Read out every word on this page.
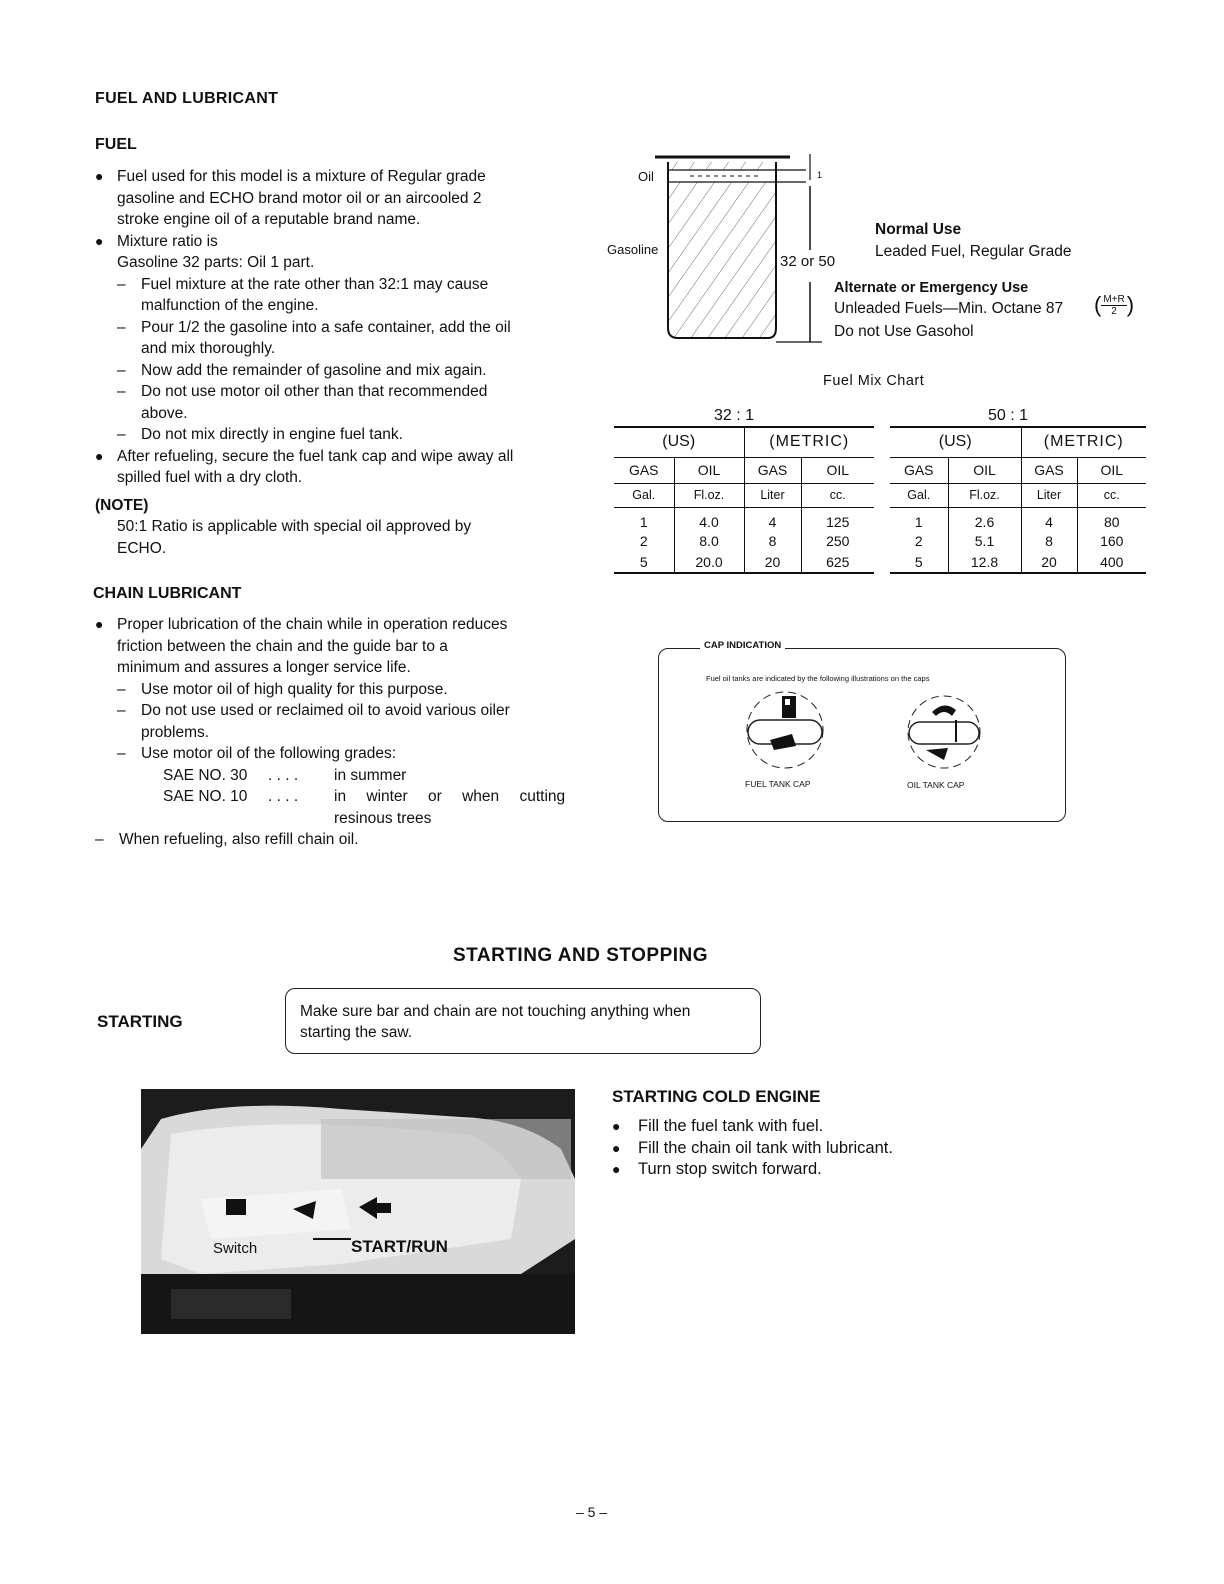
FUEL AND LUBRICANT
FUEL
● Fuel used for this model is a mixture of Regular grade
gasoline and ECHO brand motor oil or an aircooled 2
stroke engine oil of a reputable brand name.
● Mixture ratio is
Gasoline 32 parts: Oil 1 part.
– Fuel mixture at the rate other than 32:1 may cause
malfunction of the engine.
– Pour 1/2 the gasoline into a safe container, add the oil
and mix thoroughly.
– Now add the remainder of gasoline and mix again.
– Do not use motor oil other than that recommended
above.
– Do not mix directly in engine fuel tank.
● After refueling, secure the fuel tank cap and wipe away all
spilled fuel with a dry cloth.
(NOTE)
50:1 Ratio is applicable with special oil approved by
ECHO.
CHAIN LUBRICANT
● Proper lubrication of the chain while in operation reduces
friction between the chain and the guide bar to a
minimum and assures a longer service life.
– Use motor oil of high quality for this purpose.
– Do not use used or reclaimed oil to avoid various oiler
problems.
– Use motor oil of the following grades:
SAE NO. 30	. . . .	in summer
SAE NO. 10	. . . .	in winter or when cutting
resinous trees
– When refueling, also refill chain oil.
Oil
Gasoline
1
32 or 50
Normal Use
Leaded Fuel, Regular Grade
Alternate or Emergency Use
Unleaded Fuels—Min. Octane 87 ( $\frac{M+R}{2}$ )
Do not Use Gasohol
Fuel Mix Chart
32 : 1	50 : 1
(US)		(METRIC)			(US)		(METRIC)	
GAS	OIL	GAS	OIL		GAS	OIL	GAS	OIL
Gal.	Fl.oz.	Liter	cc.		Gal.	Fl.oz.	Liter	cc.
1	4.0	4	125		1	2.6	4	80
2	8.0	8	250		2	5.1	8	160
5	20.0	20	625		5	12.8	20	400
CAP INDICATION
Fuel oil tanks are indicated by the following illustrations on the caps
FUEL TANK CAP	OIL TANK CAP
STARTING AND STOPPING
STARTING
Make sure bar and chain are not touching anything when
starting the saw.
Switch	START/RUN
STARTING COLD ENGINE
●	Fill the fuel tank with fuel.
●	Fill the chain oil tank with lubricant.
●	Turn stop switch forward.
– 5 –
